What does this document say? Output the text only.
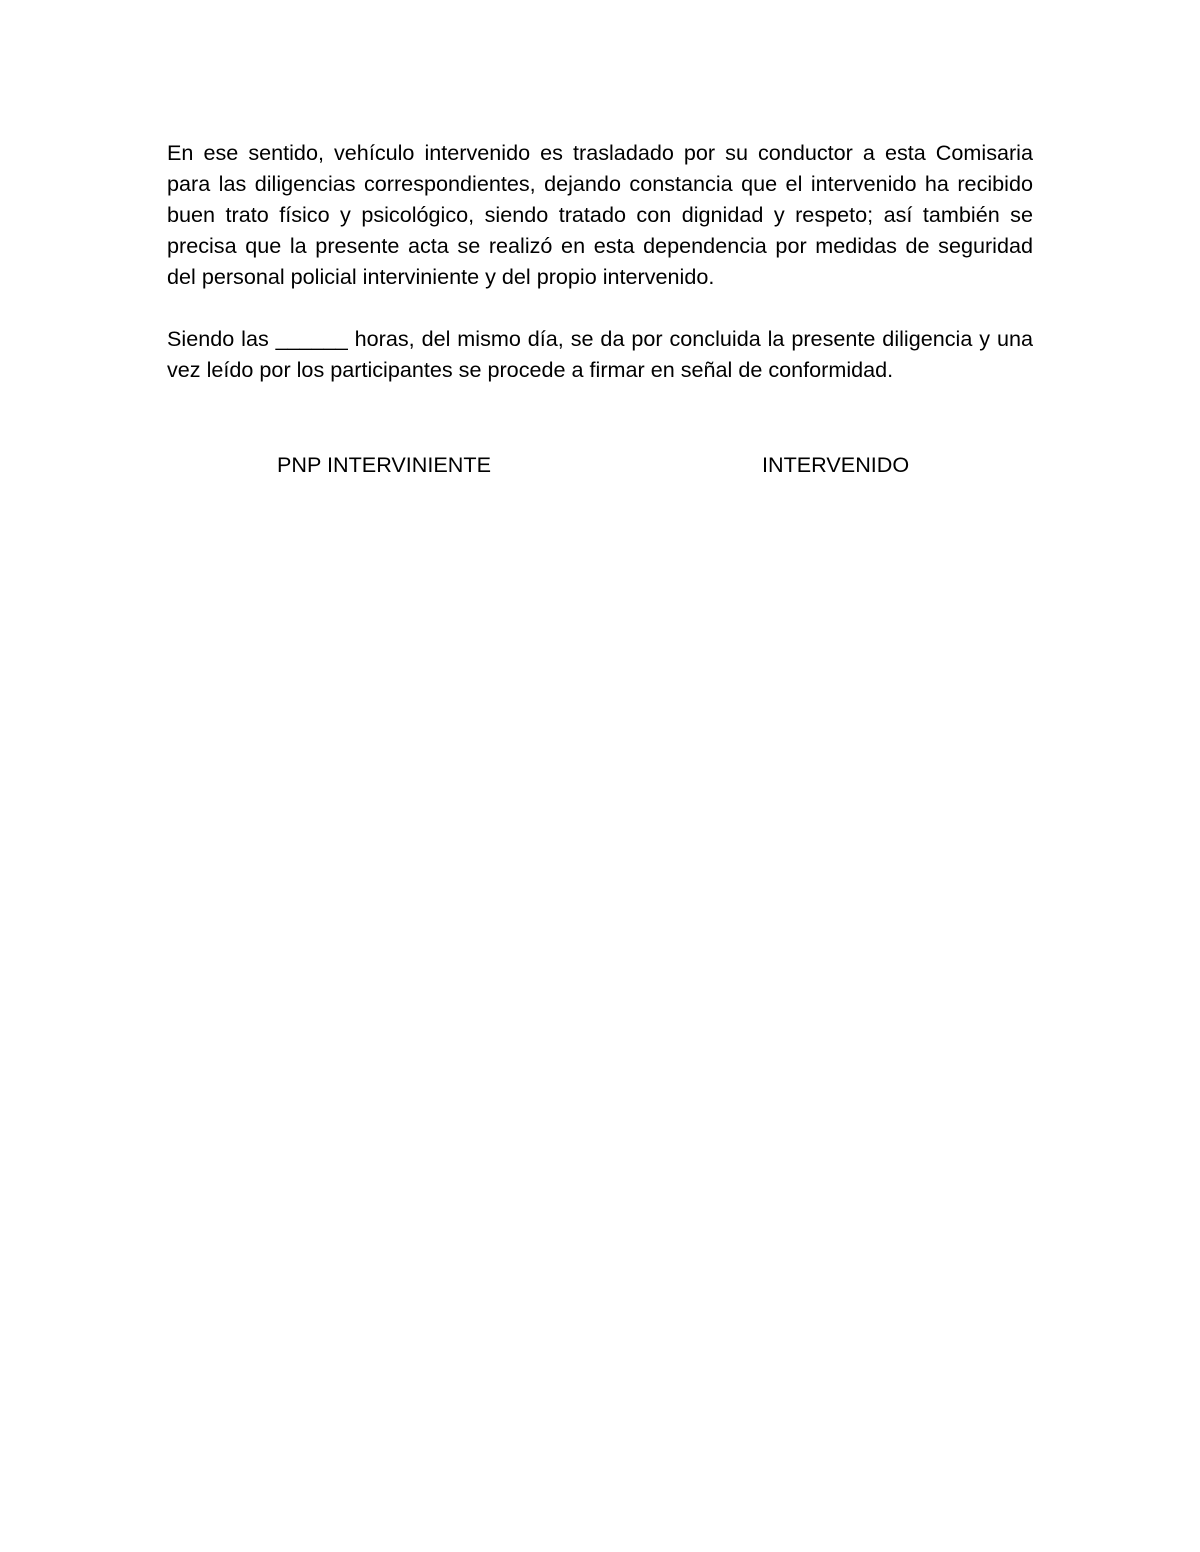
En ese sentido, vehículo intervenido es trasladado por su conductor a esta Comisaria para las diligencias correspondientes, dejando constancia que el intervenido ha recibido buen trato físico y psicológico, siendo tratado con dignidad y respeto; así también se precisa que la presente acta se realizó en esta dependencia por medidas de seguridad del personal policial interviniente y del propio intervenido.

Siendo las ______ horas, del mismo día, se da por concluida la presente diligencia y una vez leído por los participantes se procede a firmar en señal de conformidad.

PNP INTERVINIENTE	INTERVENIDO
